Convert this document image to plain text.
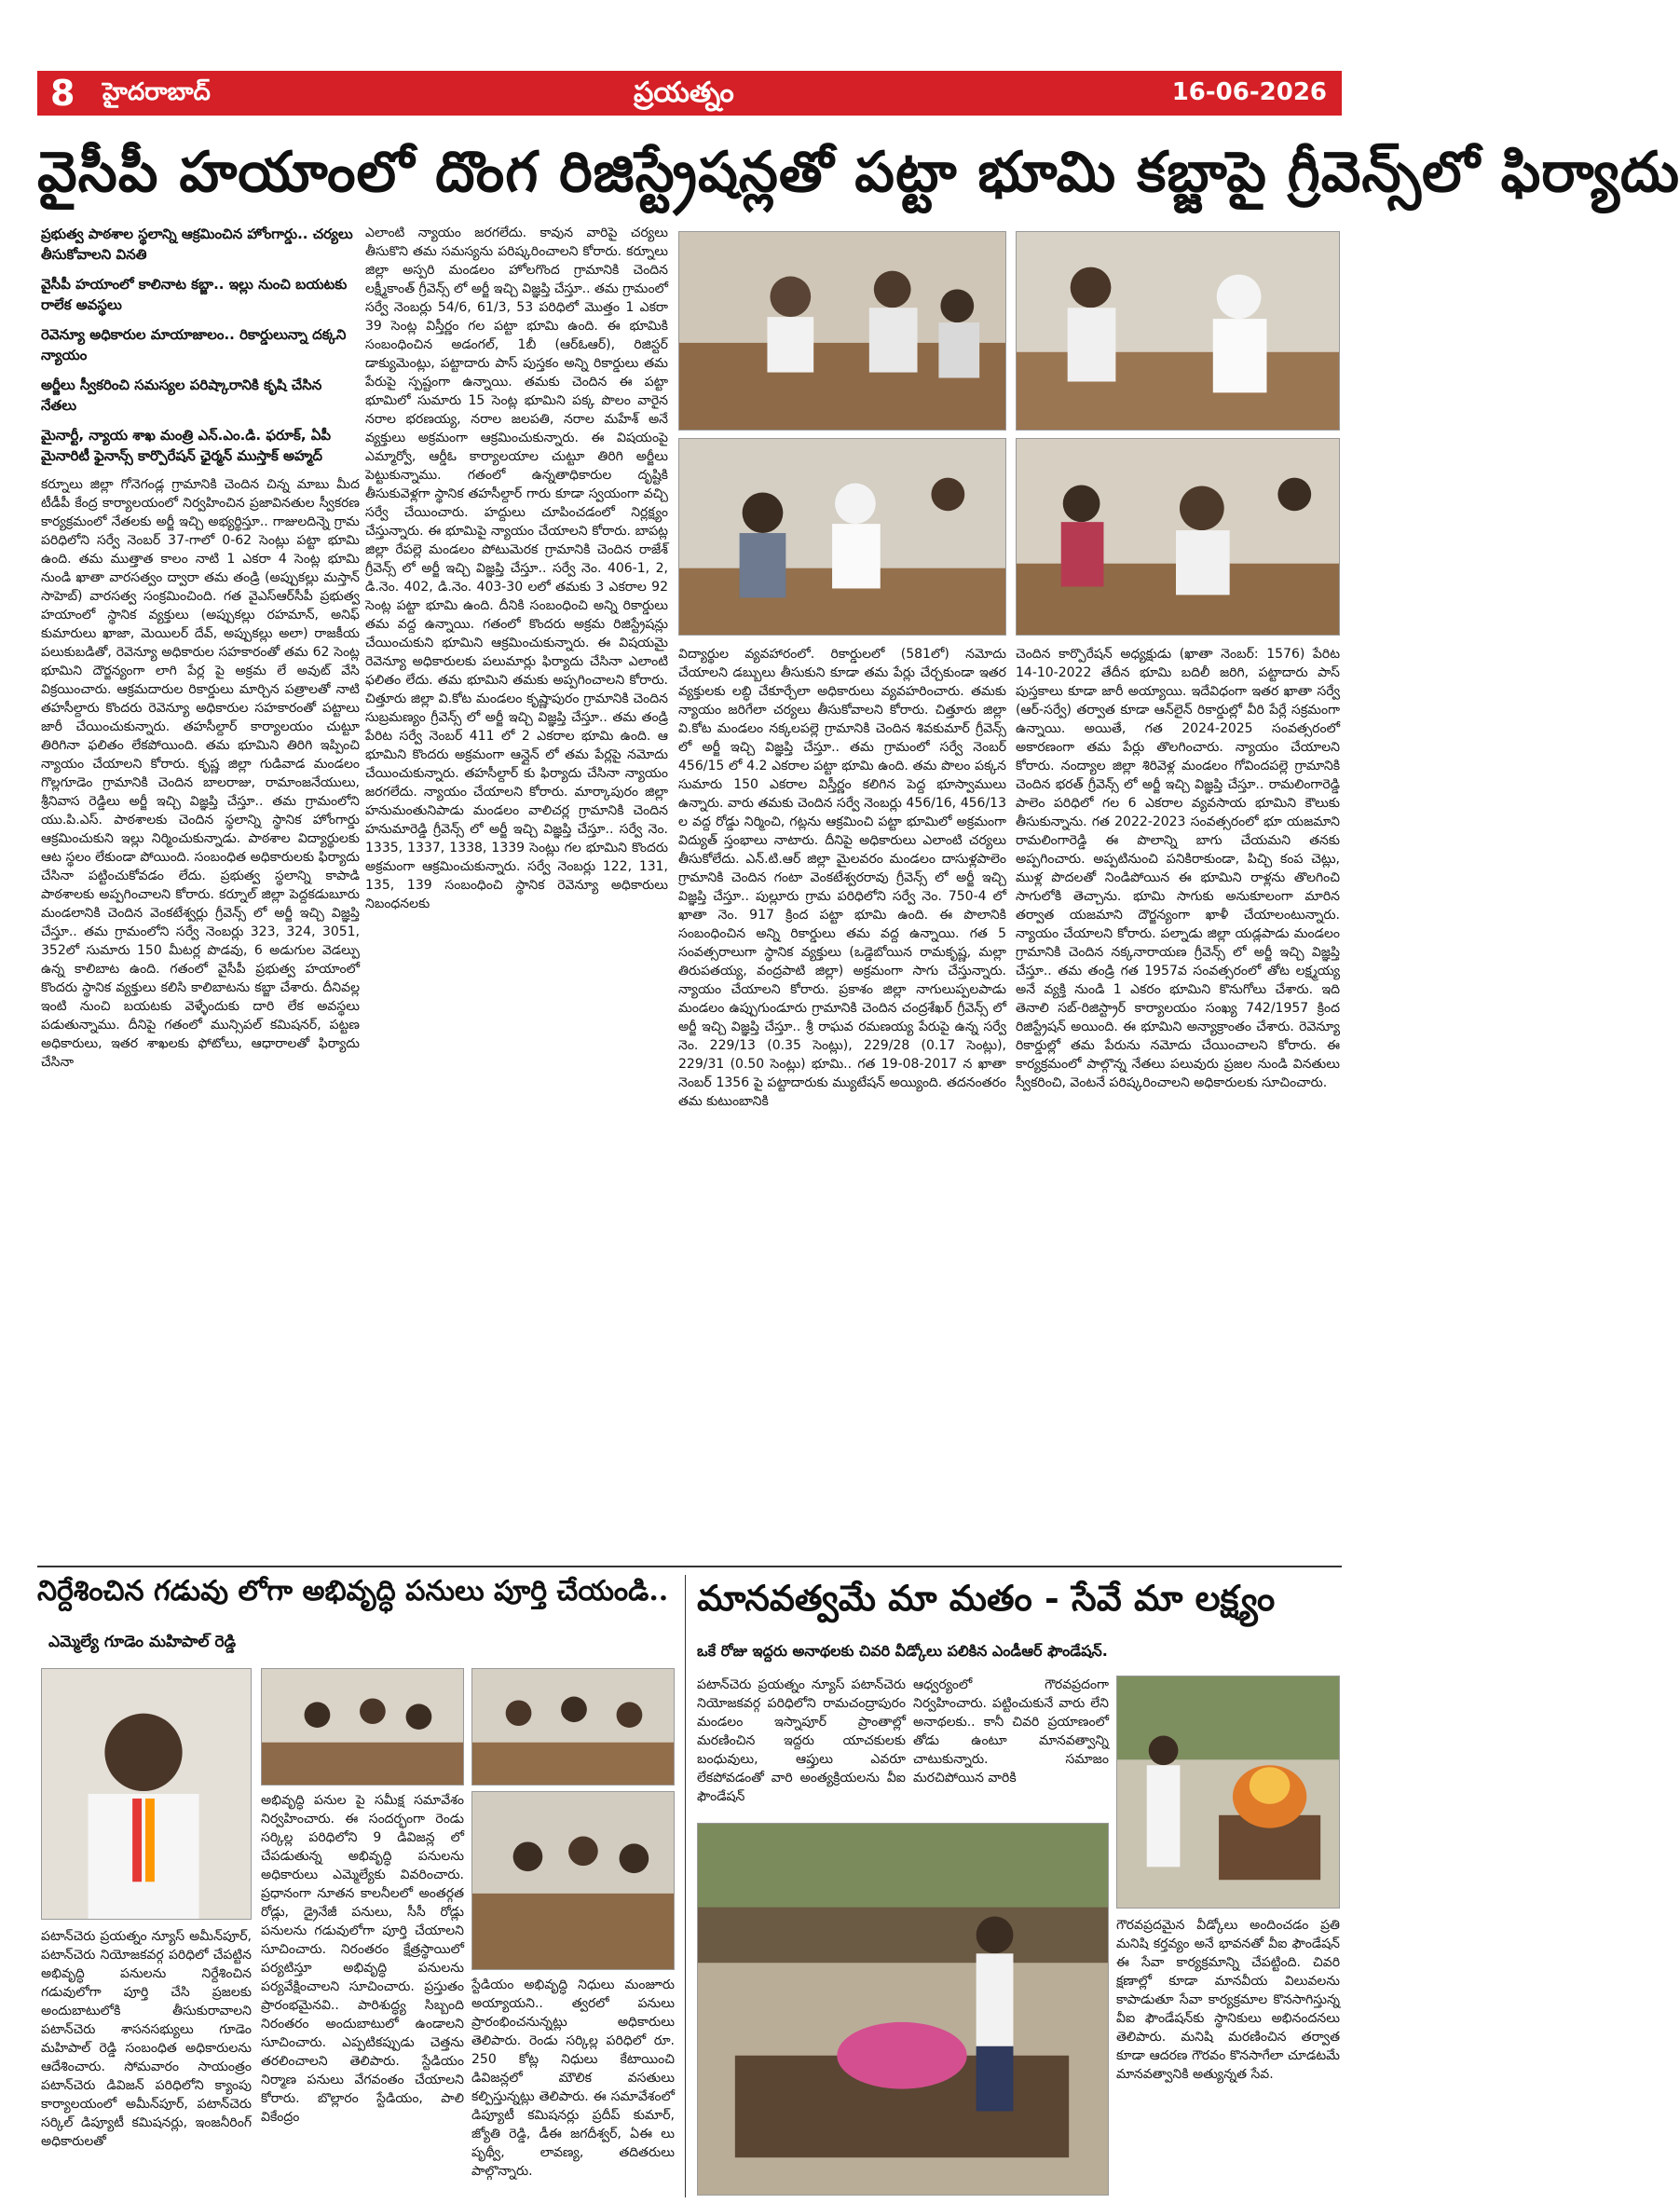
8 హైదరాబాద్	ప్రయత్నం	16-06-2026
వైసీపీ హయాంలో దొంగ రిజిస్ట్రేషన్లతో పట్టా భూమి కబ్జాపై గ్రీవెన్స్‌లో ఫిర్యాదు

ప్రభుత్వ పాఠశాల స్థలాన్ని ఆక్రమించిన హోంగార్డు.. చర్యలు తీసుకోవాలని వినతి

వైసీపీ హయాంలో కాలినాట కబ్జా.. ఇల్లు నుంచి బయటకు రాలేక అవస్థలు

రెవెన్యూ అధికారుల మాయాజాలం.. రికార్డులున్నా దక్కని న్యాయం

అర్జీలు స్వీకరించి సమస్యల పరిష్కారానికి కృషి చేసిన నేతలు

మైనార్టీ, న్యాయ శాఖ మంత్రి ఎన్.ఎం.డి. ఫరూక్, ఏపీ మైనారిటీ ఫైనాన్స్ కార్పొరేషన్ ఛైర్మన్ ముస్తాక్ అహ్మద్

కర్నూలు జిల్లా గోనెగండ్ల గ్రామానికి చెందిన చిన్న మాబు మీద టీడీపీ కేంద్ర కార్యాలయంలో నిర్వహించిన ప్రజావినతుల స్వీకరణ కార్యక్రమంలో నేతలకు అర్జీ ఇచ్చి అభ్యర్థిస్తూ.. గాజులదిన్నె గ్రామ పరిధిలోని సర్వే నెంబర్ 37-గాలో 0-62 సెంట్లు పట్టా భూమి ఉంది. తమ ముత్తాత కాలం నాటి 1 ఎకరా 4 సెంట్ల భూమి నుండి ఖాతా వారసత్వం ద్వారా తమ తండ్రి (అప్పుకల్లు మస్తాన్ సాహెబ్) వారసత్వ సంక్రమించింది. గత వైఎస్ఆర్‌సీపీ ప్రభుత్వ హయాంలో స్థానిక వ్యక్తులు (అప్పుకల్లు రహమాన్, అనిఫ్ కుమారులు ఖాజా, మెయిలర్ దేవ్, అప్పుకల్లు అలా) రాజకీయ పలుకుబడితో, రెవెన్యూ అధికారుల సహకారంతో తమ 62 సెంట్ల భూమిని దౌర్జన్యంగా లాగి పేర్ల పై అక్రమ లే అవుట్ వేసి విక్రయించారు. ఆక్రమదారుల రికార్డులు మార్చిన పత్రాలతో నాటి తహసీల్దారు కొందరు రెవెన్యూ అధికారుల సహకారంతో పట్టాలు జారీ చేయించుకున్నారు. తహసీల్దార్ కార్యాలయం చుట్టూ తిరిగినా ఫలితం లేకపోయింది. తమ భూమిని తిరిగి ఇప్పించి న్యాయం చేయాలని కోరారు. కృష్ణ జిల్లా గుడివాడ మండలం గొల్లగూడెం గ్రామానికి చెందిన బాలరాజు, రామాంజనేయులు, శ్రీనివాస రెడ్డిలు అర్జీ ఇచ్చి విజ్ఞప్తి చేస్తూ.. తమ గ్రామంలోని యు.పి.ఎస్. పాఠశాలకు చెందిన స్థలాన్ని స్థానిక హోంగార్డు ఆక్రమించుకుని ఇల్లు నిర్మించుకున్నాడు. పాఠశాల విద్యార్థులకు ఆట స్థలం లేకుండా పోయింది. సంబంధిత అధికారులకు ఫిర్యాదు చేసినా పట్టించుకోవడం లేదు. ప్రభుత్వ స్థలాన్ని కాపాడి పాఠశాలకు అప్పగించాలని కోరారు. కర్నూల్ జిల్లా పెద్దకడుబూరు మండలానికి చెందిన వెంకటేశ్వర్లు గ్రీవెన్స్ లో అర్జీ ఇచ్చి విజ్ఞప్తి చేస్తూ.. తమ గ్రామంలోని సర్వే నెంబర్లు 323, 324, 3051, 352లో సుమారు 150 మీటర్ల పొడవు, 6 అడుగుల వెడల్పు ఉన్న కాలిబాట ఉంది. గతంలో వైసీపీ ప్రభుత్వ హయాంలో కొందరు స్థానిక వ్యక్తులు కలిసి కాలిబాటను కబ్జా చేశారు. దీనివల్ల ఇంటి నుంచి బయటకు వెళ్ళేందుకు దారి లేక అవస్థలు పడుతున్నాము. దీనిపై గతంలో మున్సిపల్ కమిషనర్, పట్టణ అధికారులు, ఇతర శాఖలకు ఫోటోలు, ఆధారాలతో ఫిర్యాదు చేసినా
ఎలాంటి న్యాయం జరగలేదు. కావున వారిపై చర్యలు తీసుకొని తమ సమస్యను పరిష్కరించాలని కోరారు. కర్నూలు జిల్లా అస్పరి మండలం హోలగొంద గ్రామానికి చెందిన లక్ష్మీకాంత్ గ్రీవెన్స్ లో అర్జీ ఇచ్చి విజ్ఞప్తి చేస్తూ.. తమ గ్రామంలో సర్వే నెంబర్లు 54/6, 61/3, 53 పరిధిలో మొత్తం 1 ఎకరా 39 సెంట్ల విస్తీర్ణం గల పట్టా భూమి ఉంది. ఈ భూమికి సంబంధించిన అడంగల్, 1బీ (ఆర్ఓఆర్), రిజిస్టర్ డాక్యుమెంట్లు, పట్టాదారు పాస్ పుస్తకం అన్ని రికార్డులు తమ పేరుపై స్పష్టంగా ఉన్నాయి. తమకు చెందిన ఈ పట్టా భూమిలో సుమారు 15 సెంట్ల భూమిని పక్క పొలం వారైన నరాల భరణయ్య, నరాల జలపతి, నరాల మహేశ్ అనే వ్యక్తులు అక్రమంగా ఆక్రమించుకున్నారు. ఈ విషయంపై ఎమ్మార్వో, ఆర్డీఓ కార్యాలయాల చుట్టూ తిరిగి అర్జీలు పెట్టుకున్నాము. గతంలో ఉన్నతాధికారుల దృష్టికి తీసుకువెళ్లగా స్థానిక తహసీల్దార్ గారు కూడా స్వయంగా వచ్చి సర్వే చేయించారు. హద్దులు చూపించడంలో నిర్లక్ష్యం చేస్తున్నారు. ఈ భూమిపై న్యాయం చేయాలని కోరారు. బాపట్ల జిల్లా రేపల్లె మండలం పోటుమెరక గ్రామానికి చెందిన రాజేశ్ గ్రీవెన్స్ లో అర్జీ ఇచ్చి విజ్ఞప్తి చేస్తూ.. సర్వే నెం. 406-1, 2, డి.నెం. 402, డి.నెం. 403-30 లలో తమకు 3 ఎకరాల 92 సెంట్ల పట్టా భూమి ఉంది. దీనికి సంబంధించి అన్ని రికార్డులు తమ వద్ద ఉన్నాయి. గతంలో కొందరు అక్రమ రిజిస్ట్రేషన్లు చేయించుకుని భూమిని ఆక్రమించుకున్నారు. ఈ విషయమై రెవెన్యూ అధికారులకు పలుమార్లు ఫిర్యాదు చేసినా ఎలాంటి ఫలితం లేదు. తమ భూమిని తమకు అప్పగించాలని కోరారు. చిత్తూరు జిల్లా వి.కోట మండలం కృష్ణాపురం గ్రామానికి చెందిన సుబ్రమణ్యం గ్రీవెన్స్ లో అర్జీ ఇచ్చి విజ్ఞప్తి చేస్తూ.. తమ తండ్రి పేరిట సర్వే నెంబర్ 411 లో 2 ఎకరాల భూమి ఉంది. ఆ భూమిని కొందరు అక్రమంగా ఆన్లైన్ లో తమ పేర్లపై నమోదు చేయించుకున్నారు. తహసీల్దార్ కు ఫిర్యాదు చేసినా న్యాయం జరగలేదు. న్యాయం చేయాలని కోరారు. మార్కాపురం జిల్లా హనుమంతునిపాడు మండలం వాలిచర్ల గ్రామానికి చెందిన హనుమారెడ్డి గ్రీవెన్స్ లో అర్జీ ఇచ్చి విజ్ఞప్తి చేస్తూ.. సర్వే నెం. 1335, 1337, 1338, 1339 సెంట్లు గల భూమిని కొందరు అక్రమంగా ఆక్రమించుకున్నారు. సర్వే నెంబర్లు 122, 131, 135, 139 సంబంధించి స్థానిక రెవెన్యూ అధికారులు నిబంధనలకు
విద్యార్థుల వ్యవహారంలో. రికార్డులలో (581లో) నమోదు చేయాలని డబ్బులు తీసుకుని కూడా తమ పేర్లు చేర్చకుండా ఇతర వ్యక్తులకు లబ్ధి చేకూర్చేలా అధికారులు వ్యవహరించారు. తమకు న్యాయం జరిగేలా చర్యలు తీసుకోవాలని కోరారు. చిత్తూరు జిల్లా వి.కోట మండలం నక్కలపల్లె గ్రామానికి చెందిన శివకుమార్ గ్రీవెన్స్ లో అర్జీ ఇచ్చి విజ్ఞప్తి చేస్తూ.. తమ గ్రామంలో సర్వే నెంబర్ 456/15 లో 4.2 ఎకరాల పట్టా భూమి ఉంది. తమ పొలం పక్కన సుమారు 150 ఎకరాల విస్తీర్ణం కలిగిన పెద్ద భూస్వాములు ఉన్నారు. వారు తమకు చెందిన సర్వే నెంబర్లు 456/16, 456/13 ల వద్ద రోడ్డు నిర్మించి, గట్లను ఆక్రమించి పట్టా భూమిలో అక్రమంగా విద్యుత్ స్తంభాలు నాటారు. దీనిపై అధికారులు ఎలాంటి చర్యలు తీసుకోలేదు. ఎన్.టి.ఆర్ జిల్లా మైలవరం మండలం దాసుళ్లపాలెం గ్రామానికి చెందిన గంటా వెంకటేశ్వరరావు గ్రీవెన్స్ లో అర్జీ ఇచ్చి విజ్ఞప్తి చేస్తూ.. పుల్లూరు గ్రామ పరిధిలోని సర్వే నెం. 750-4 లో ఖాతా నెం. 917 క్రింద పట్టా భూమి ఉంది. ఈ పొలానికి సంబంధించిన అన్ని రికార్డులు తమ వద్ద ఉన్నాయి. గత 5 సంవత్సరాలుగా స్థానిక వ్యక్తులు (ఒడ్డెబోయిన రామకృష్ణ, మల్లా తిరుపతయ్య, వంద్రపాటి జిల్లా) అక్రమంగా సాగు చేస్తున్నారు. న్యాయం చేయాలని కోరారు. ప్రకాశం జిల్లా నాగులుప్పలపాడు మండలం ఉప్పుగుండూరు గ్రామానికి చెందిన చంద్రశేఖర్ గ్రీవెన్స్ లో అర్జీ ఇచ్చి విజ్ఞప్తి చేస్తూ.. శ్రీ రాఘవ రమణయ్య పేరుపై ఉన్న సర్వే నెం. 229/13 (0.35 సెంట్లు), 229/28 (0.17 సెంట్లు), 229/31 (0.50 సెంట్లు) భూమి.. గత 19-08-2017 న ఖాతా నెంబర్ 1356 పై పట్టాదారుకు మ్యుటేషన్ అయ్యింది. తదనంతరం తమ కుటుంబానికి
చెందిన కార్పొరేషన్ అధ్యక్షుడు (ఖాతా నెంబర్: 1576) పేరిట 14-10-2022 తేదీన భూమి బదిలీ జరిగి, పట్టాదారు పాస్ పుస్తకాలు కూడా జారీ అయ్యాయి. ఇదేవిధంగా ఇతర ఖాతా సర్వే (ఆర్-సర్వే) తర్వాత కూడా ఆన్‌లైన్ రికార్డుల్లో వీరి పేర్లే సక్రమంగా ఉన్నాయి. అయితే, గత 2024-2025 సంవత్సరంలో అకారణంగా తమ పేర్లు తొలగించారు. న్యాయం చేయాలని కోరారు. నంద్యాల జిల్లా శిరివెళ్ల మండలం గోవిందపల్లె గ్రామానికి చెందిన భరత్ గ్రీవెన్స్ లో అర్జీ ఇచ్చి విజ్ఞప్తి చేస్తూ.. రామలింగారెడ్డి పాలెం పరిధిలో గల 6 ఎకరాల వ్యవసాయ భూమిని కౌలుకు తీసుకున్నాను. గత 2022-2023 సంవత్సరంలో భూ యజమాని రామలింగారెడ్డి ఈ పొలాన్ని బాగు చేయమని తనకు అప్పగించారు. అప్పటినుంచి పనికిరాకుండా, పిచ్చి కంప చెట్లు, ముళ్ల పొదలతో నిండిపోయిన ఈ భూమిని రాళ్లను తొలగించి సాగులోకి తెచ్చాను. భూమి సాగుకు అనుకూలంగా మారిన తర్వాత యజమాని దౌర్జన్యంగా ఖాళీ చేయాలంటున్నారు. న్యాయం చేయాలని కోరారు. పల్నాడు జిల్లా యడ్లపాడు మండలం గ్రామానికి చెందిన నక్కనారాయణ గ్రీవెన్స్ లో అర్జీ ఇచ్చి విజ్ఞప్తి చేస్తూ.. తమ తండ్రి గత 1957వ సంవత్సరంలో తోట లక్ష్మయ్య అనే వ్యక్తి నుండి 1 ఎకరం భూమిని కొనుగోలు చేశారు. ఇది తెనాలి సబ్-రిజిస్ట్రార్ కార్యాలయం సంఖ్య 742/1957 క్రింద రిజిస్ట్రేషన్ అయింది. ఈ భూమిని అన్యాక్రాంతం చేశారు. రెవెన్యూ రికార్డుల్లో తమ పేరును నమోదు చేయించాలని కోరారు. ఈ కార్యక్రమంలో పాల్గొన్న నేతలు పలువురు ప్రజల నుండి వినతులు స్వీకరించి, వెంటనే పరిష్కరించాలని అధికారులకు సూచించారు.
నిర్దేశించిన గడువు లోగా అభివృద్ధి పనులు పూర్తి చేయండి..
ఎమ్మెల్యే గూడెం మహిపాల్ రెడ్డి
పటాన్‌చెరు ప్రయత్నం న్యూస్ అమీన్‌పూర్, పటాన్‌చెరు నియోజకవర్గ పరిధిలో చేపట్టిన అభివృద్ధి పనులను నిర్దేశించిన గడువులోగా పూర్తి చేసి ప్రజలకు అందుబాటులోకి తీసుకురావాలని పటాన్‌చెరు శాసనసభ్యులు గూడెం మహిపాల్ రెడ్డి సంబంధిత అధికారులను ఆదేశించారు. సోమవారం సాయంత్రం పటాన్‌చెరు డివిజన్ పరిధిలోని క్యాంపు కార్యాలయంలో అమీన్‌పూర్, పటాన్‌చెరు సర్కిల్ డిప్యూటీ కమిషనర్లు, ఇంజనీరింగ్ అధికారులతో
అభివృద్ధి పనుల పై సమీక్ష సమావేశం నిర్వహించారు. ఈ సందర్భంగా రెండు సర్కిల్ల పరిధిలోని 9 డివిజన్ల లో చేపడుతున్న అభివృద్ధి పనులను అధికారులు ఎమ్మెల్యేకు వివరించారు. ప్రధానంగా నూతన కాలనీలలో అంతర్గత రోడ్లు, డ్రైనేజీ పనులు, సీసీ రోడ్లు పనులను గడువులోగా పూర్తి చేయాలని సూచించారు. నిరంతరం క్షేత్రస్థాయిలో పర్యటిస్తూ అభివృద్ధి పనులను పర్యవేక్షించాలని సూచించారు. ప్రస్తుతం ప్రారంభమైనవి.. పారిశుద్ధ్య సిబ్బంది నిరంతరం అందుబాటులో ఉండాలని సూచించారు. ఎప్పటికప్పుడు చెత్తను తరలించాలని తెలిపారు. స్టేడియం నిర్మాణ పనులు వేగవంతం చేయాలని కోరారు. బొల్లారం స్టేడియం, పాలి వికేంద్రం
స్టేడియం అభివృద్ధి నిధులు మంజూరు అయ్యాయని.. త్వరలో పనులు ప్రారంభించనున్నట్లు అధికారులు తెలిపారు. రెండు సర్కిల్ల పరిధిలో రూ. 250 కోట్ల నిధులు కేటాయించి డివిజన్లలో మౌలిక వసతులు కల్పిస్తున్నట్లు తెలిపారు. ఈ సమావేశంలో డిప్యూటీ కమిషనర్లు ప్రదీప్ కుమార్, జ్యోతి రెడ్డి, డీఈ జగదీశ్వర్, ఏఈ లు పృథ్వీ, లావణ్య, తదితరులు పాల్గొన్నారు.
మానవత్వమే మా మతం - సేవే మా లక్ష్యం
ఒకే రోజు ఇద్దరు అనాథలకు చివరి వీడ్కోలు పలికిన ఎండీఆర్ ఫౌండేషన్.
పటాన్‌చెరు ప్రయత్నం న్యూస్ పటాన్‌చెరు నియోజకవర్గ పరిధిలోని రామచంద్రాపురం మండలం ఇస్నాపూర్ ప్రాంతాల్లో మరణించిన ఇద్దరు యాచకులకు బంధువులు, ఆప్తులు ఎవరూ లేకపోవడంతో వారి అంత్యక్రియలను వీఐ ఫౌండేషన్
ఆధ్వర్యంలో గౌరవప్రదంగా నిర్వహించారు. పట్టించుకునే వారు లేని అనాథలకు.. కానీ చివరి ప్రయాణంలో తోడు ఉంటూ మానవత్వాన్ని చాటుకున్నారు. సమాజం మరచిపోయిన వారికి
గౌరవప్రదమైన వీడ్కోలు అందించడం ప్రతి మనిషి కర్తవ్యం అనే భావనతో వీఐ ఫౌండేషన్ ఈ సేవా కార్యక్రమాన్ని చేపట్టింది. చివరి క్షణాల్లో కూడా మానవీయ విలువలను కాపాడుతూ సేవా కార్యక్రమాల కొనసాగిస్తున్న వీఐ ఫౌండేషన్‌కు స్థానికులు అభినందనలు తెలిపారు. మనిషి మరణించిన తర్వాత కూడా ఆదరణ గౌరవం కొనసాగేలా చూడటమే మానవత్వానికి అత్యున్నత సేవ.
